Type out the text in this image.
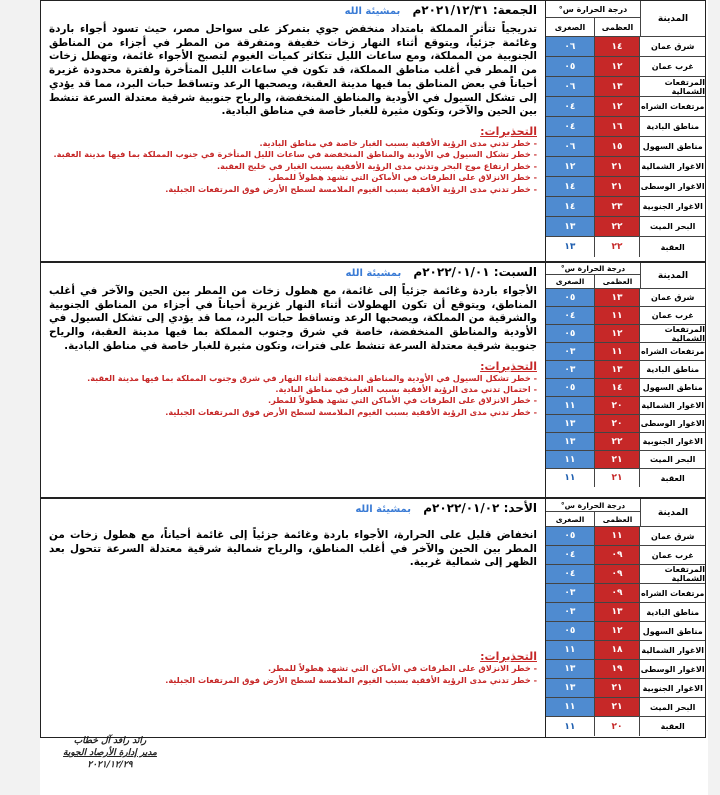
المدينة
درجة الحرارة س°
العظمى
الصغرى
شرق عمان
١٤
٠٦
غرب عمان
١٢
٠٥
المرتفعات الشمالية
١٣
٠٦
مرتفعات الشراه
١٢
٠٤
مناطق البادية
١٦
٠٤
مناطق السهول
١٥
٠٦
الاغوار الشمالية
٢١
١٢
الاغوار الوسطى
٢١
١٤
الاغوار الجنوبية
٢٣
١٤
البحر الميت
٢٢
١٣
العقبة
٢٢
١٣
الجمعة: ٢٠٢١/١٢/٣١م بمشيئة الله
تدريجياً تتأثر المملكة بامتداد منخفض جوي بتمركز على سواحل مصر، حيث تسود أجواء باردة وغائمة جزئياً، ويتوقع أثناء النهار زخات خفيفة ومتفرقة من المطر في أجزاء من المناطق الجنوبية من المملكة، ومع ساعات الليل تتكاثر كميات الغيوم لتصبح الأجواء غائمة، وتهطل زخات من المطر في أغلب مناطق المملكة، قد تكون في ساعات الليل المتأخرة ولفترة محدودة غزيرة أحياناً في بعض المناطق بما فيها مدينة العقبة، ويصحبها الرعد وتساقط حبات البرد، مما قد يؤدي إلى تشكل السيول في الأودية والمناطق المنخفضة، والرياح جنوبية شرقية معتدلة السرعة تنشط بين الحين والآخر، وتكون مثيرة للغبار خاصة في مناطق البادية.
التحذيرات:
- خطر تدني مدى الرؤية الأفقية بسبب الغبار خاصة في مناطق البادية.
- خطر تشكل السيول في الأودية والمناطق المنخفضة في ساعات الليل المتأخرة في جنوب المملكة بما فيها مدينة العقبة.
- خطر ارتفاع موج البحر وتدني مدى الرؤية الأفقية بسبب الغبار في خليج العقبة.
- خطر الانزلاق على الطرقات في الأماكن التي تشهد هطولاً للمطر.
- خطر تدني مدى الرؤية الأفقية بسبب الغيوم الملامسة لسطح الأرض فوق المرتفعات الجبلية.
المدينة
درجة الحرارة س°
العظمى
الصغرى
شرق عمان
١٣
٠٥
غرب عمان
١١
٠٤
المرتفعات الشمالية
١٢
٠٥
مرتفعات الشراه
١١
٠٣
مناطق البادية
١٣
٠٣
مناطق السهول
١٤
٠٥
الاغوار الشمالية
٢٠
١١
الاغوار الوسطى
٢٠
١٣
الاغوار الجنوبية
٢٢
١٣
البحر الميت
٢١
١١
العقبة
٢١
١١
السبت: ٢٠٢٢/٠١/٠١م بمشيئة الله
الأجواء باردة وغائمة جزئياً إلى غائمة، مع هطول زخات من المطر بين الحين والآخر في أغلب المناطق، ويتوقع أن تكون الهطولات أثناء النهار غزيرة أحياناً في أجزاء من المناطق الجنوبية والشرقية من المملكة، ويصحبها الرعد وتساقط حبات البرد، مما قد يؤدي إلى تشكل السيول في الأودية والمناطق المنخفضة، خاصة في شرق وجنوب المملكة بما فيها مدينة العقبة، والرياح جنوبية شرقية معتدلة السرعة تنشط على فترات، وتكون مثيرة للغبار خاصة في مناطق البادية.
التحذيرات:
- خطر تشكل السيول في الأودية والمناطق المنخفضة أثناء النهار في شرق وجنوب المملكة بما فيها مدينة العقبة.
- احتمال تدني مدى الرؤية الأفقية بسبب الغبار في مناطق البادية.
- خطر الانزلاق على الطرقات في الأماكن التي تشهد هطولاً للمطر.
- خطر تدني مدى الرؤية الأفقية بسبب الغيوم الملامسة لسطح الأرض فوق المرتفعات الجبلية.
المدينة
درجة الحرارة س°
العظمى
الصغرى
شرق عمان
١١
٠٥
غرب عمان
٠٩
٠٤
المرتفعات الشمالية
٠٩
٠٤
مرتفعات الشراه
٠٩
٠٣
مناطق البادية
١٣
٠٣
مناطق السهول
١٢
٠٥
الاغوار الشمالية
١٨
١١
الاغوار الوسطى
١٩
١٣
الاغوار الجنوبية
٢١
١٣
البحر الميت
٢١
١١
العقبة
٢٠
١١
الأحد: ٢٠٢٢/٠١/٠٢م بمشيئة الله
انخفاض قليل على الحرارة، الأجواء باردة وغائمة جزئياً إلى غائمة أحياناً، مع هطول زخات من المطر بين الحين والآخر في أغلب المناطق، والرياح شمالية شرقية معتدلة السرعة تتحول بعد الظهر إلى شمالية غربية.
التحذيرات:
- خطر الانزلاق على الطرقات في الأماكن التي تشهد هطولاً للمطر.
- خطر تدني مدى الرؤية الأفقية بسبب الغيوم الملامسة لسطح الأرض فوق المرتفعات الجبلية.
رائد رافد آل خطاب
مدير إدارة الأرصاد الجوية
٢٠٢١/١٢/٢٩
